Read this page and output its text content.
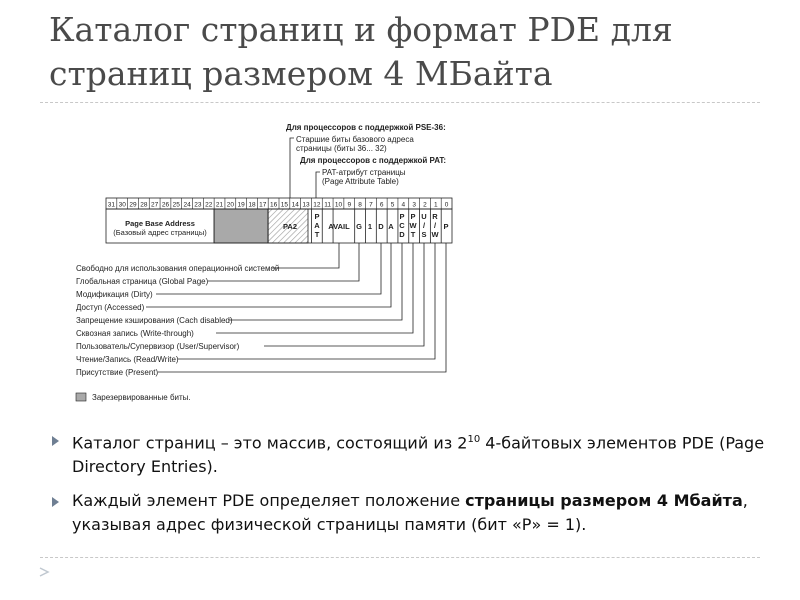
Каталог страниц и формат PDE для страниц размером 4 МБайта
Для процессоров с поддержкой PSE-36:
Старшие биты базового адреса
страницы (биты 36... 32)
Для процессоров с поддержкой PAT:
PAT-атрибут страницы
(Page Attribute Table)
31 30 29 28 27 26 25 24 23 22 21 20 19 18 17 16 15 14 13 12 11 10 9 8 7 6 5 4 3 2 1 0
Page Base Address
(Базовый адрес страницы)
PA2
P
A
T
AVAIL G 1 D A
P
C
D
P
W
T
U
/
S
R
/
W
P
Свободно для использования операционной системой
Глобальная страница (Global Page)
Модификация (Dirty)
Доступ (Accessed)
Запрещение кэширования (Cach disabled)
Сквозная запись (Write-through)
Пользователь/Супервизор (User/Supervisor)
Чтение/Запись (Read/Write)
Присутствие (Present)
Зарезервированные биты.
Каталог страниц – это массив, состоящий из $2^{10}$ 4-байтовых элементов PDE (Page Directory Entries).
Каждый элемент PDE определяет положение страницы размером 4 Мбайта, указывая адрес физической страницы памяти (бит «P» = 1).
